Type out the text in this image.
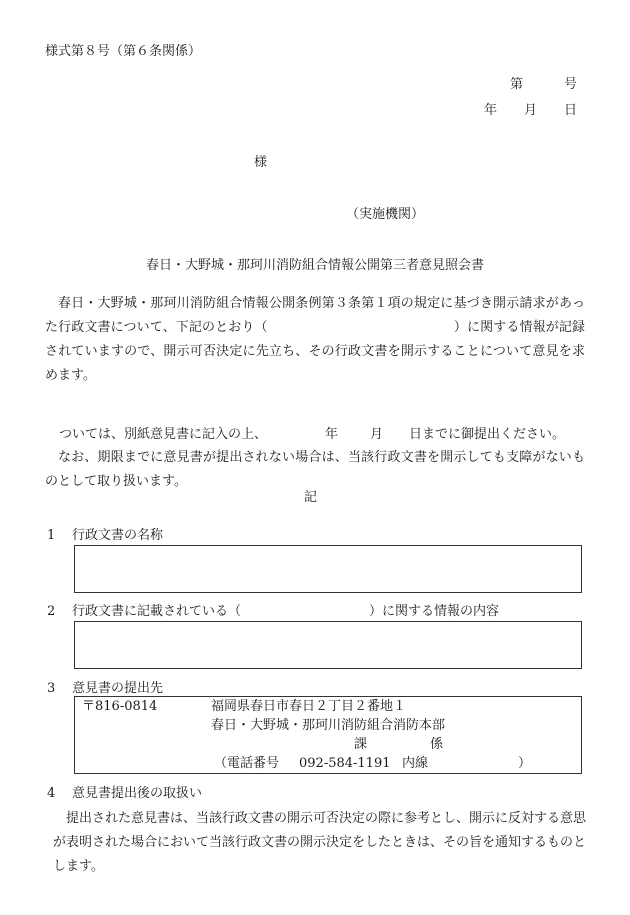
様式第８号（第６条関係）
第	号
年 月 日
様
（実施機関）
春日・大野城・那珂川消防組合情報公開第三者意見照会書
春日・大野城・那珂川消防組合情報公開条例第３条第１項の規定に基づき開示請求があった行政文書について、下記のとおり（	）に関する情報が記録されていますので、開示可否決定に先立ち、その行政文書を開示することについて意見を求めます。
ついては、別紙意見書に記入の上、	年 月 日までに御提出ください。
なお、期限までに意見書が提出されない場合は、当該行政文書を開示しても支障がないものとして取り扱います。
記
1 行政文書の名称
2 行政文書に記載されている（	）に関する情報の内容
3 意見書の提出先
〒816-0814	福岡県春日市春日２丁目２番地１
春日・大野城・那珂川消防組合消防本部
課	係
（電話番号 092-584-1191 内線	）
4 意見書提出後の取扱い
提出された意見書は、当該行政文書の開示可否決定の際に参考とし、開示に反対する意思が表明された場合において当該行政文書の開示決定をしたときは、その旨を通知するものとします。
